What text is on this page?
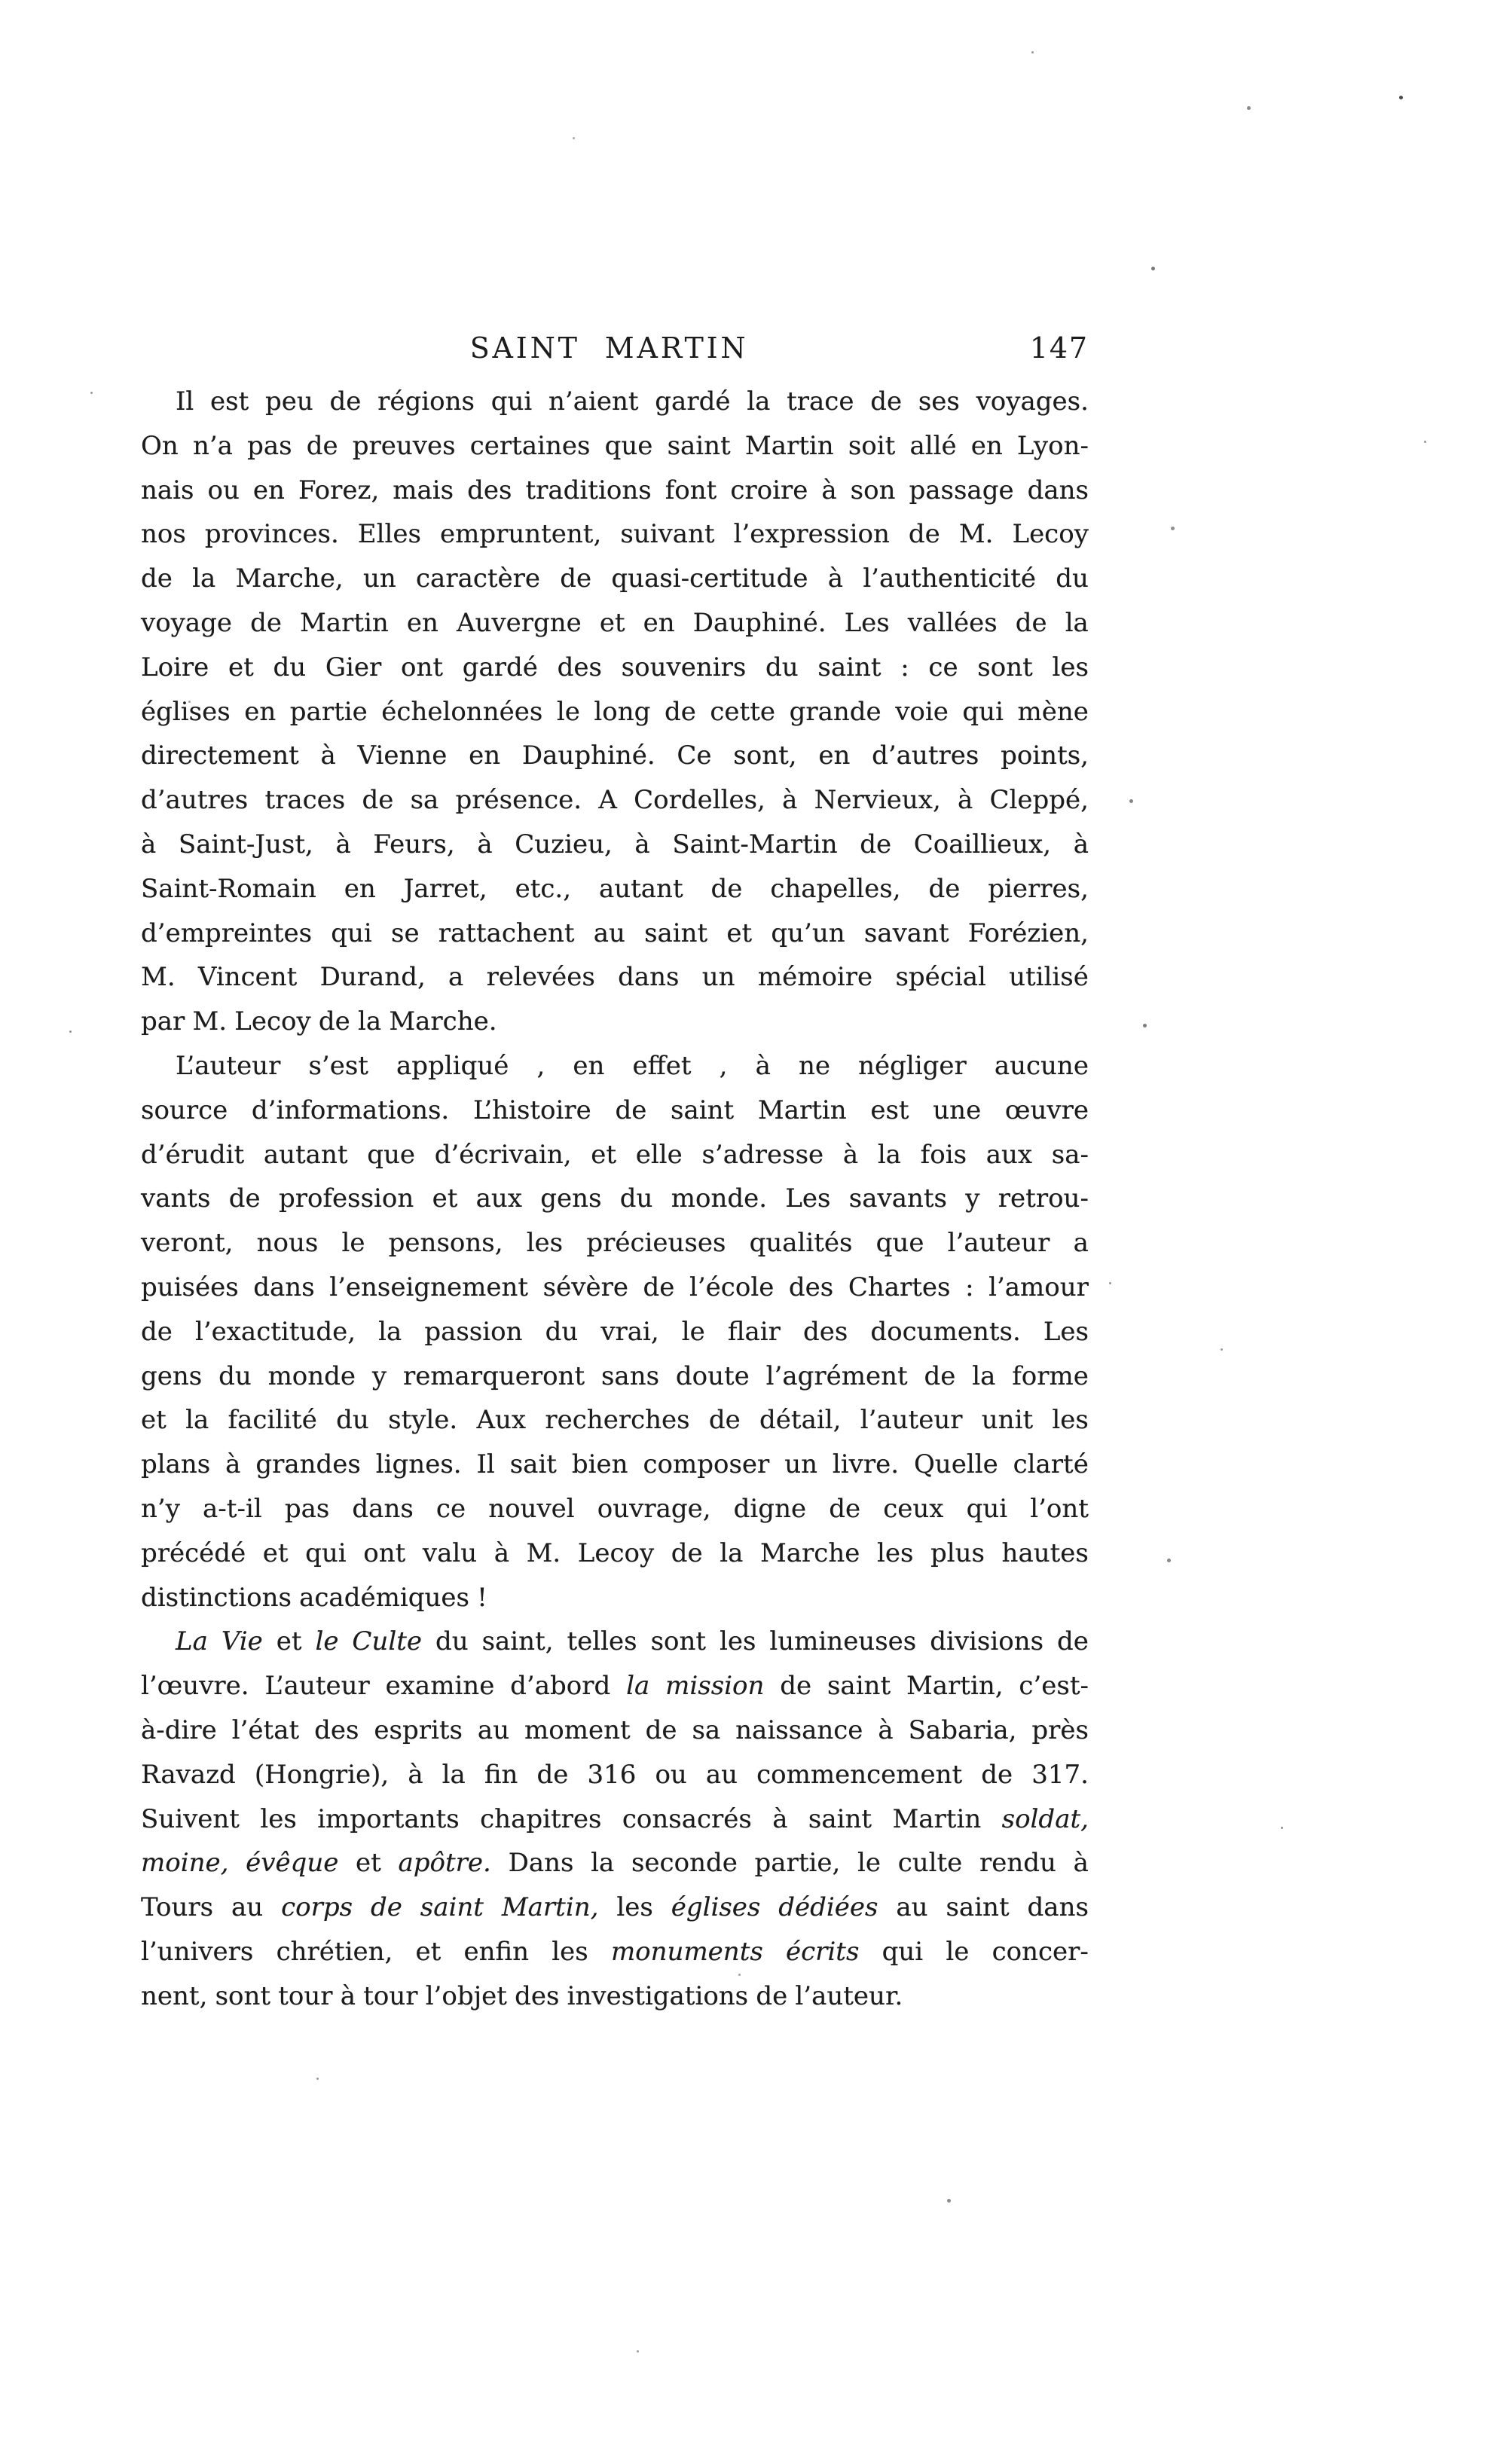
SAINT MARTIN	147
Il est peu de régions qui n’aient gardé la trace de ses voyages.
On n’a pas de preuves certaines que saint Martin soit allé en Lyon-
nais ou en Forez, mais des traditions font croire à son passage dans
nos provinces. Elles empruntent, suivant l’expression de M. Lecoy
de la Marche, un caractère de quasi-certitude à l’authenticité du
voyage de Martin en Auvergne et en Dauphiné. Les vallées de la
Loire et du Gier ont gardé des souvenirs du saint : ce sont les
églises en partie échelonnées le long de cette grande voie qui mène
directement à Vienne en Dauphiné. Ce sont, en d’autres points,
d’autres traces de sa présence. A Cordelles, à Nervieux, à Cleppé,
à Saint-Just, à Feurs, à Cuzieu, à Saint-Martin de Coaillieux, à
Saint-Romain en Jarret, etc., autant de chapelles, de pierres,
d’empreintes qui se rattachent au saint et qu’un savant Forézien,
M. Vincent Durand, a relevées dans un mémoire spécial utilisé
par M. Lecoy de la Marche.
L’auteur s’est appliqué , en effet , à ne négliger aucune
source d’informations. L’histoire de saint Martin est une œuvre
d’érudit autant que d’écrivain, et elle s’adresse à la fois aux sa-
vants de profession et aux gens du monde. Les savants y retrou-
veront, nous le pensons, les précieuses qualités que l’auteur a
puisées dans l’enseignement sévère de l’école des Chartes : l’amour
de l’exactitude, la passion du vrai, le flair des documents. Les
gens du monde y remarqueront sans doute l’agrément de la forme
et la facilité du style. Aux recherches de détail, l’auteur unit les
plans à grandes lignes. Il sait bien composer un livre. Quelle clarté
n’y a-t-il pas dans ce nouvel ouvrage, digne de ceux qui l’ont
précédé et qui ont valu à M. Lecoy de la Marche les plus hautes
distinctions académiques !
La Vie et le Culte du saint, telles sont les lumineuses divisions de
l’œuvre. L’auteur examine d’abord la mission de saint Martin, c’est-
à-dire l’état des esprits au moment de sa naissance à Sabaria, près
Ravazd (Hongrie), à la fin de 316 ou au commencement de 317.
Suivent les importants chapitres consacrés à saint Martin soldat,
moine, évêque et apôtre. Dans la seconde partie, le culte rendu à
Tours au corps de saint Martin, les églises dédiées au saint dans
l’univers chrétien, et enfin les monuments écrits qui le concer-
nent, sont tour à tour l’objet des investigations de l’auteur.
